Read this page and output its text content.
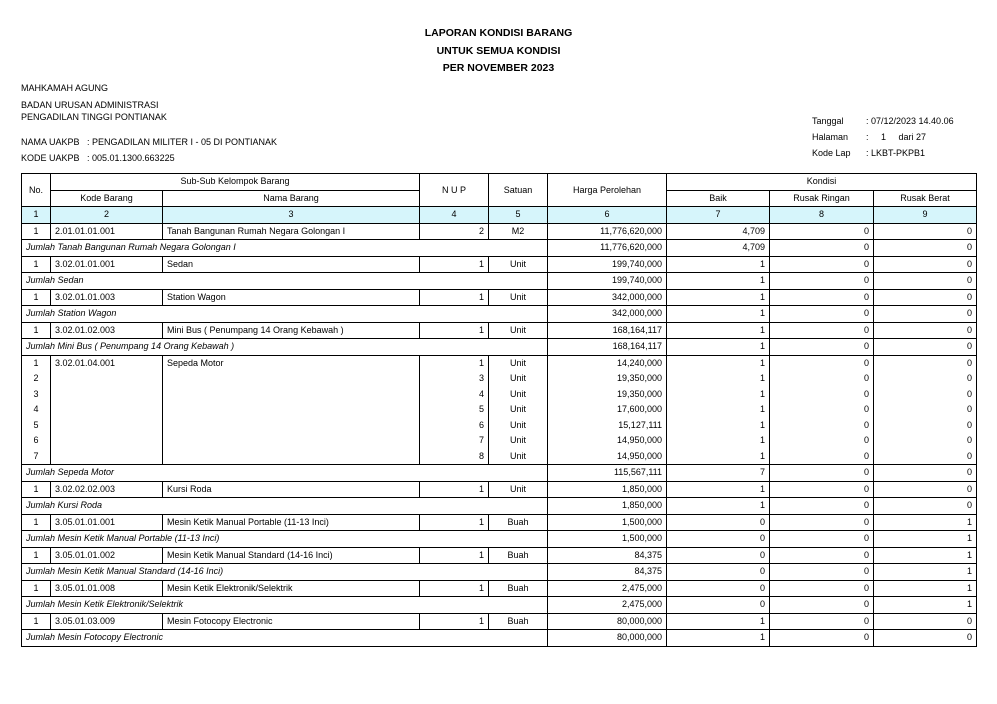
LAPORAN KONDISI BARANG
UNTUK SEMUA KONDISI
PER NOVEMBER 2023
MAHKAMAH AGUNG
BADAN URUSAN ADMINISTRASI
PENGADILAN TINGGI PONTIANAK
NAMA UAKPB : PENGADILAN MILITER I - 05 DI PONTIANAK
KODE UAKPB : 005.01.1300.663225
Tanggal : 07/12/2023 14.40.06
Halaman :     1     dari 27
Kode Lap : LKBT-PKPB1
No.	Sub-Sub Kelompok Barang		N U P	Satuan	Harga Perolehan	Kondisi		
	Kode Barang	Nama Barang				Baik	Rusak Ringan	Rusak Berat
1	2	3	4	5	6	7	8	9
1	2.01.01.01.001	Tanah Bangunan Rumah Negara Golongan I	2	M2	11,776,620,000	4,709	0	0
Jumlah Tanah Bangunan Rumah Negara Golongan I					11,776,620,000	4,709	0	0
1	3.02.01.01.001	Sedan	1	Unit	199,740,000	1	0	0
Jumlah Sedan					199,740,000	1	0	0
1	3.02.01.01.003	Station Wagon	1	Unit	342,000,000	1	0	0
Jumlah Station Wagon					342,000,000	1	0	0
1	3.02.01.02.003	Mini Bus ( Penumpang 14 Orang Kebawah )	1	Unit	168,164,117	1	0	0
Jumlah Mini Bus ( Penumpang 14 Orang Kebawah )					168,164,117	1	0	0
1	3.02.01.04.001	Sepeda Motor	1	Unit	14,240,000	1	0	0
2			3	Unit	19,350,000	1	0	0
3			4	Unit	19,350,000	1	0	0
4			5	Unit	17,600,000	1	0	0
5			6	Unit	15,127,111	1	0	0
6			7	Unit	14,950,000	1	0	0
7			8	Unit	14,950,000	1	0	0
Jumlah Sepeda Motor					115,567,111	7	0	0
1	3.02.02.02.003	Kursi Roda	1	Unit	1,850,000	1	0	0
Jumlah Kursi Roda					1,850,000	1	0	0
1	3.05.01.01.001	Mesin Ketik Manual Portable (11-13 Inci)	1	Buah	1,500,000	0	0	1
Jumlah Mesin Ketik Manual Portable (11-13 Inci)					1,500,000	0	0	1
1	3.05.01.01.002	Mesin Ketik Manual Standard (14-16 Inci)	1	Buah	84,375	0	0	1
Jumlah Mesin Ketik Manual Standard (14-16 Inci)					84,375	0	0	1
1	3.05.01.01.008	Mesin Ketik Elektronik/Selektrik	1	Buah	2,475,000	0	0	1
Jumlah Mesin Ketik Elektronik/Selektrik					2,475,000	0	0	1
1	3.05.01.03.009	Mesin Fotocopy Electronic	1	Buah	80,000,000	1	0	0
Jumlah Mesin Fotocopy Electronic					80,000,000	1	0	0
